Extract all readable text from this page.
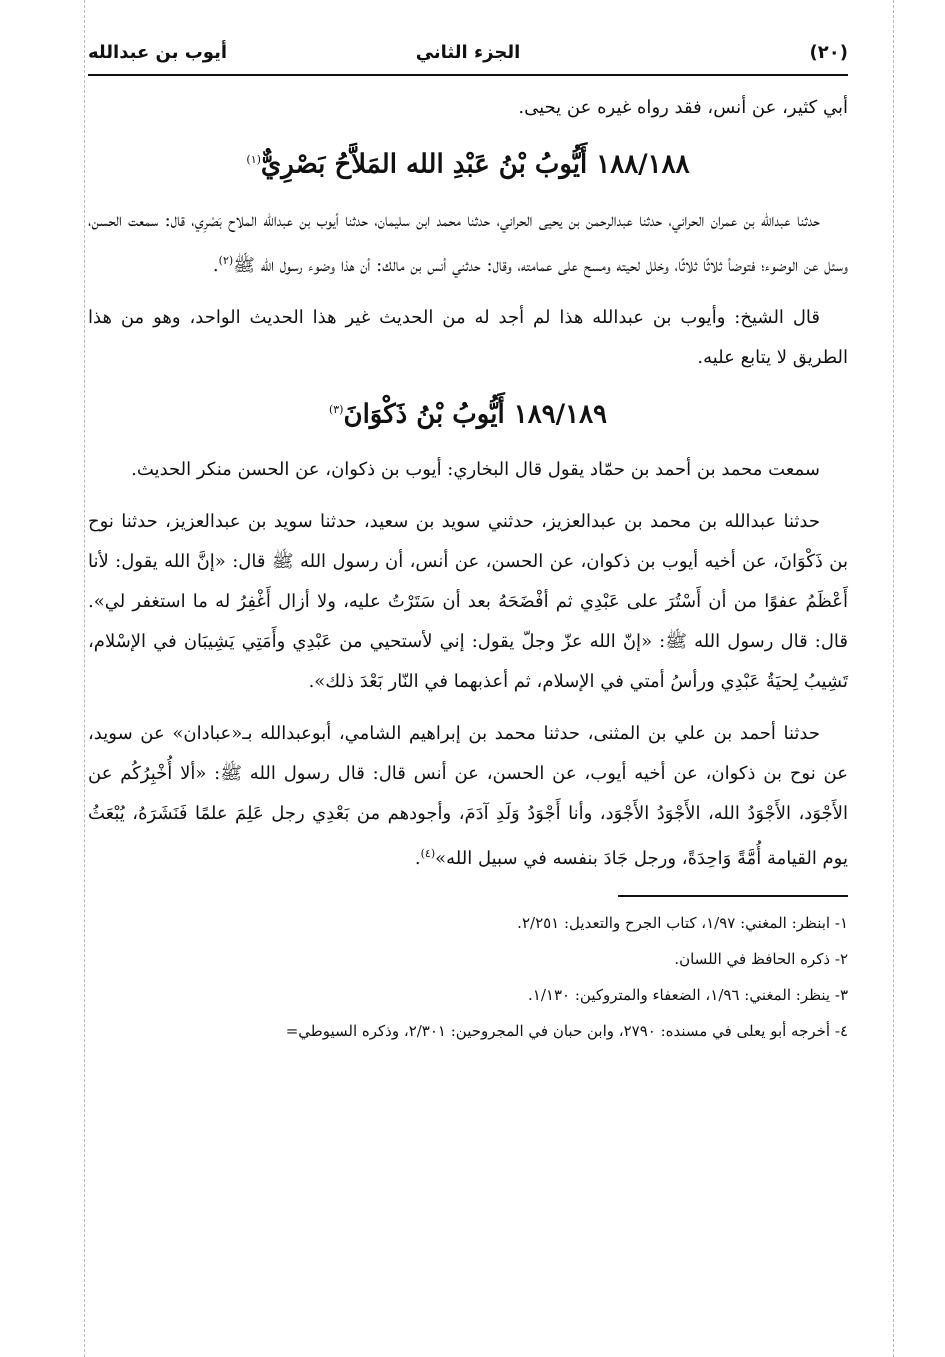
(٢٠)
الجزء الثاني
أيوب بن عبدالله

أبي كثير، عن أنس، فقد رواه غيره عن يحيى.

١٨٨/١٨٨ أَيُّوبُ بْنُ عَبْدِ الله المَلاَّحُ بَصْرِيٌّ$^{(١)}$

حدثنا عبدالله بن عمران الحراني، حدثنا عبدالرحمن بن يحيى الحراني، حدثنا محمد ابن سليمان، حدثنا أيوب بن عبدالله الملاح بَصْرِي، قال: سمعت الحسن، وسئل عن الوضوء؛ فتوضأ ثلاثًا ثلاثًا، وخلل لحيته ومسح على عمامته، وقال: حدثني أنس بن مالك: أن هذا وضوء رسول الله ﷺ$^{(٢)}$.

قال الشيخ: وأيوب بن عبدالله هذا لم أجد له من الحديث غير هذا الحديث الواحد، وهو من هذا الطريق لا يتابع عليه.

١٨٩/١٨٩ أَيُّوبُ بْنُ ذَكْوَانَ$^{(٣)}$

سمعت محمد بن أحمد بن حمّاد يقول قال البخاري: أيوب بن ذكوان، عن الحسن منكر الحديث.

حدثنا عبدالله بن محمد بن عبدالعزيز، حدثني سويد بن سعيد، حدثنا سويد بن عبدالعزيز، حدثنا نوح بن ذَكْوَانَ، عن أخيه أيوب بن ذكوان، عن الحسن، عن أنس، أن رسول الله ﷺ قال: «إنَّ الله يقول: لأنا أَعْظَمُ عفوًا من أن أَسْتُرَ على عَبْدِي ثم أفْضَحَهُ بعد أن سَتَرْتُ عليه، ولا أزال أَغْفِرُ له ما استغفر لي». قال: قال رسول الله ﷺ: «إنّ الله عزّ وجلّ يقول: إني لأستحيي من عَبْدِي وأَمَتِي يَشِيبَان في الإسْلام، تَشِيبُ لِحيَةُ عَبْدِي ورأسُ أمتي في الإسلام، ثم أعذبهما في النّار بَعْدَ ذلك».

حدثنا أحمد بن علي بن المثنى، حدثنا محمد بن إبراهيم الشامي، أبوعبدالله بـ«عبادان» عن سويد، عن نوح بن ذكوان، عن أخيه أيوب، عن الحسن، عن أنس قال: قال رسول الله ﷺ: «ألا أُخْبِرُكُم عن الأَجْوَد، الأَجْوَدُ الله، الأَجْوَدُ الأَجْوَد، وأنا أَجْوَدُ وَلَدِ آدَمَ، وأجودهم من بَعْدِي رجل عَلِمَ علمًا فَنَشَرَهُ، يُبْعَثُ يوم القيامة أُمَّةً وَاحِدَةً، ورجل جَادَ بنفسه في سبيل الله»$^{(٤)}$.

١- ابنظر: المغني: ١/٩٧، كتاب الجرح والتعديل: ٢/٢٥١.

٢- ذكره الحافظ في اللسان.

٣- ينظر: المغني: ١/٩٦، الضعفاء والمتروكين: ١/١٣٠.

٤- أخرجه أبو يعلى في مسنده: ٢٧٩٠، وابن حبان في المجروحين: ٢/٣٠١، وذكره السيوطي=
